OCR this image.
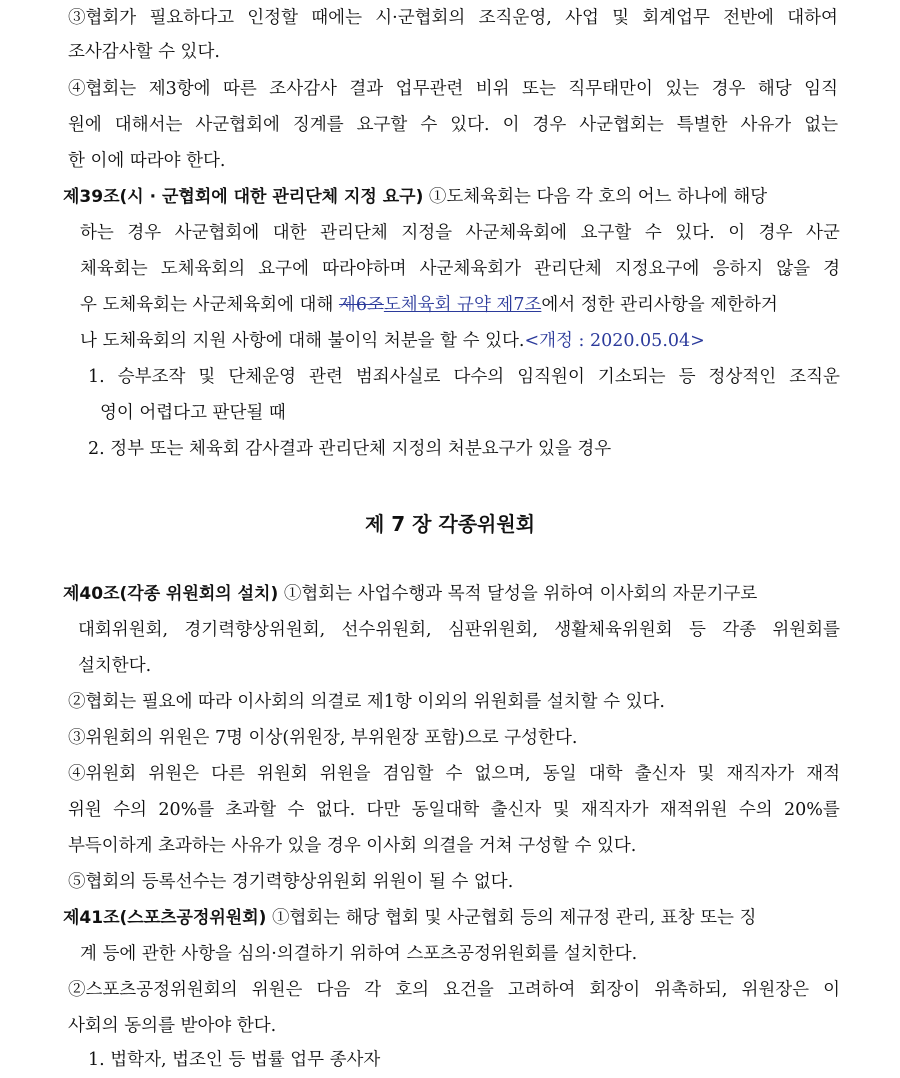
③협회가 필요하다고 인정할 때에는 시·군협회의 조직운영, 사업 및 회계업무 전반에 대하여
조사감사할 수 있다.
④협회는 제3항에 따른 조사감사 결과 업무관련 비위 또는 직무태만이 있는 경우 해당 임직
원에 대해서는 사군협회에 징계를 요구할 수 있다. 이 경우 사군협회는 특별한 사유가 없는
한 이에 따라야 한다.
제39조(시 · 군협회에 대한 관리단체 지정 요구) ①도체육회는 다음 각 호의 어느 하나에 해당
하는 경우 사군협회에 대한 관리단체 지정을 사군체육회에 요구할 수 있다. 이 경우 사군
체육회는 도체육회의 요구에 따라야하며 사군체육회가 관리단체 지정요구에 응하지 않을 경
우 도체육회는 사군체육회에 대해 제6조도체육회 규약 제7조에서 정한 관리사항을 제한하거
나 도체육회의 지원 사항에 대해 불이익 처분을 할 수 있다.<개정 : 2020.05.04>
1. 승부조작 및 단체운영 관련 범죄사실로 다수의 임직원이 기소되는 등 정상적인 조직운
영이 어렵다고 판단될 때
2. 정부 또는 체육회 감사결과 관리단체 지정의 처분요구가 있을 경우
제 7 장 각종위원회
제40조(각종 위원회의 설치) ①협회는 사업수행과 목적 달성을 위하여 이사회의 자문기구로
대회위원회, 경기력향상위원회, 선수위원회, 심판위원회, 생활체육위원회 등 각종 위원회를
설치한다.
②협회는 필요에 따라 이사회의 의결로 제1항 이외의 위원회를 설치할 수 있다.
③위원회의 위원은 7명 이상(위원장, 부위원장 포함)으로 구성한다.
④위원회 위원은 다른 위원회 위원을 겸임할 수 없으며, 동일 대학 출신자 및 재직자가 재적
위원 수의 20%를 초과할 수 없다. 다만 동일대학 출신자 및 재직자가 재적위원 수의 20%를
부득이하게 초과하는 사유가 있을 경우 이사회 의결을 거쳐 구성할 수 있다.
⑤협회의 등록선수는 경기력향상위원회 위원이 될 수 없다.
제41조(스포츠공정위원회) ①협회는 해당 협회 및 사군협회 등의 제규정 관리, 표창 또는 징
계 등에 관한 사항을 심의·의결하기 위하여 스포츠공정위원회를 설치한다.
②스포츠공정위원회의 위원은 다음 각 호의 요건을 고려하여 회장이 위촉하되, 위원장은 이
사회의 동의를 받아야 한다.
1. 법학자, 법조인 등 법률 업무 종사자
